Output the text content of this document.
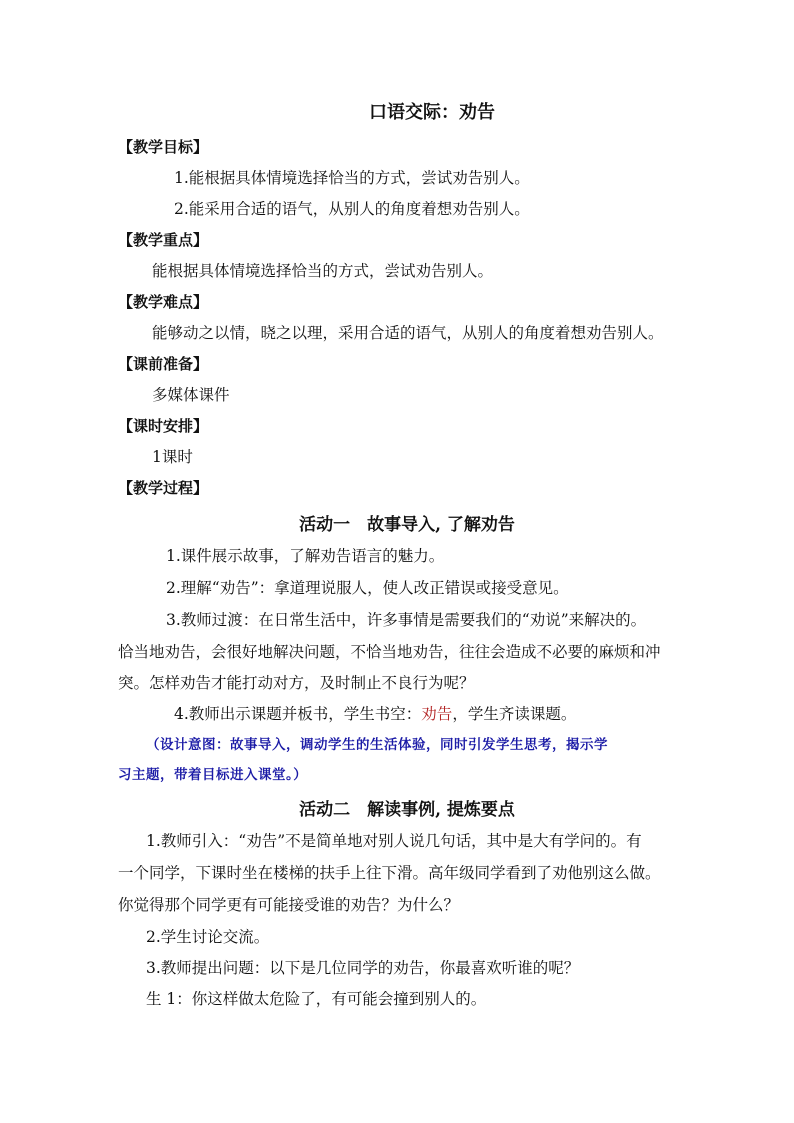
口语交际：劝告
【教学目标】
1.能根据具体情境选择恰当的方式，尝试劝告别人。
2.能采用合适的语气，从别人的角度着想劝告别人。
【教学重点】
能根据具体情境选择恰当的方式，尝试劝告别人。
【教学难点】
能够动之以情，晓之以理，采用合适的语气，从别人的角度着想劝告别人。
【课前准备】
多媒体课件
【课时安排】
1课时
【教学过程】
活动一　故事导入, 了解劝告
1.课件展示故事，了解劝告语言的魅力。
2.理解“劝告”：拿道理说服人，使人改正错误或接受意见。
3.教师过渡：在日常生活中，许多事情是需要我们的“劝说”来解决的。
恰当地劝告，会很好地解决问题，不恰当地劝告，往往会造成不必要的麻烦和冲
突。怎样劝告才能打动对方，及时制止不良行为呢？
4.教师出示课题并板书，学生书空：劝告，学生齐读课题。
（设计意图：故事导入，调动学生的生活体验，同时引发学生思考，揭示学
习主题，带着目标进入课堂。）
活动二　解读事例, 提炼要点
1.教师引入：“劝告”不是简单地对别人说几句话，其中是大有学问的。有
一个同学，下课时坐在楼梯的扶手上往下滑。高年级同学看到了劝他别这么做。
你觉得那个同学更有可能接受谁的劝告？为什么？
2.学生讨论交流。
3.教师提出问题：以下是几位同学的劝告，你最喜欢听谁的呢？
生 1：你这样做太危险了，有可能会撞到别人的。
